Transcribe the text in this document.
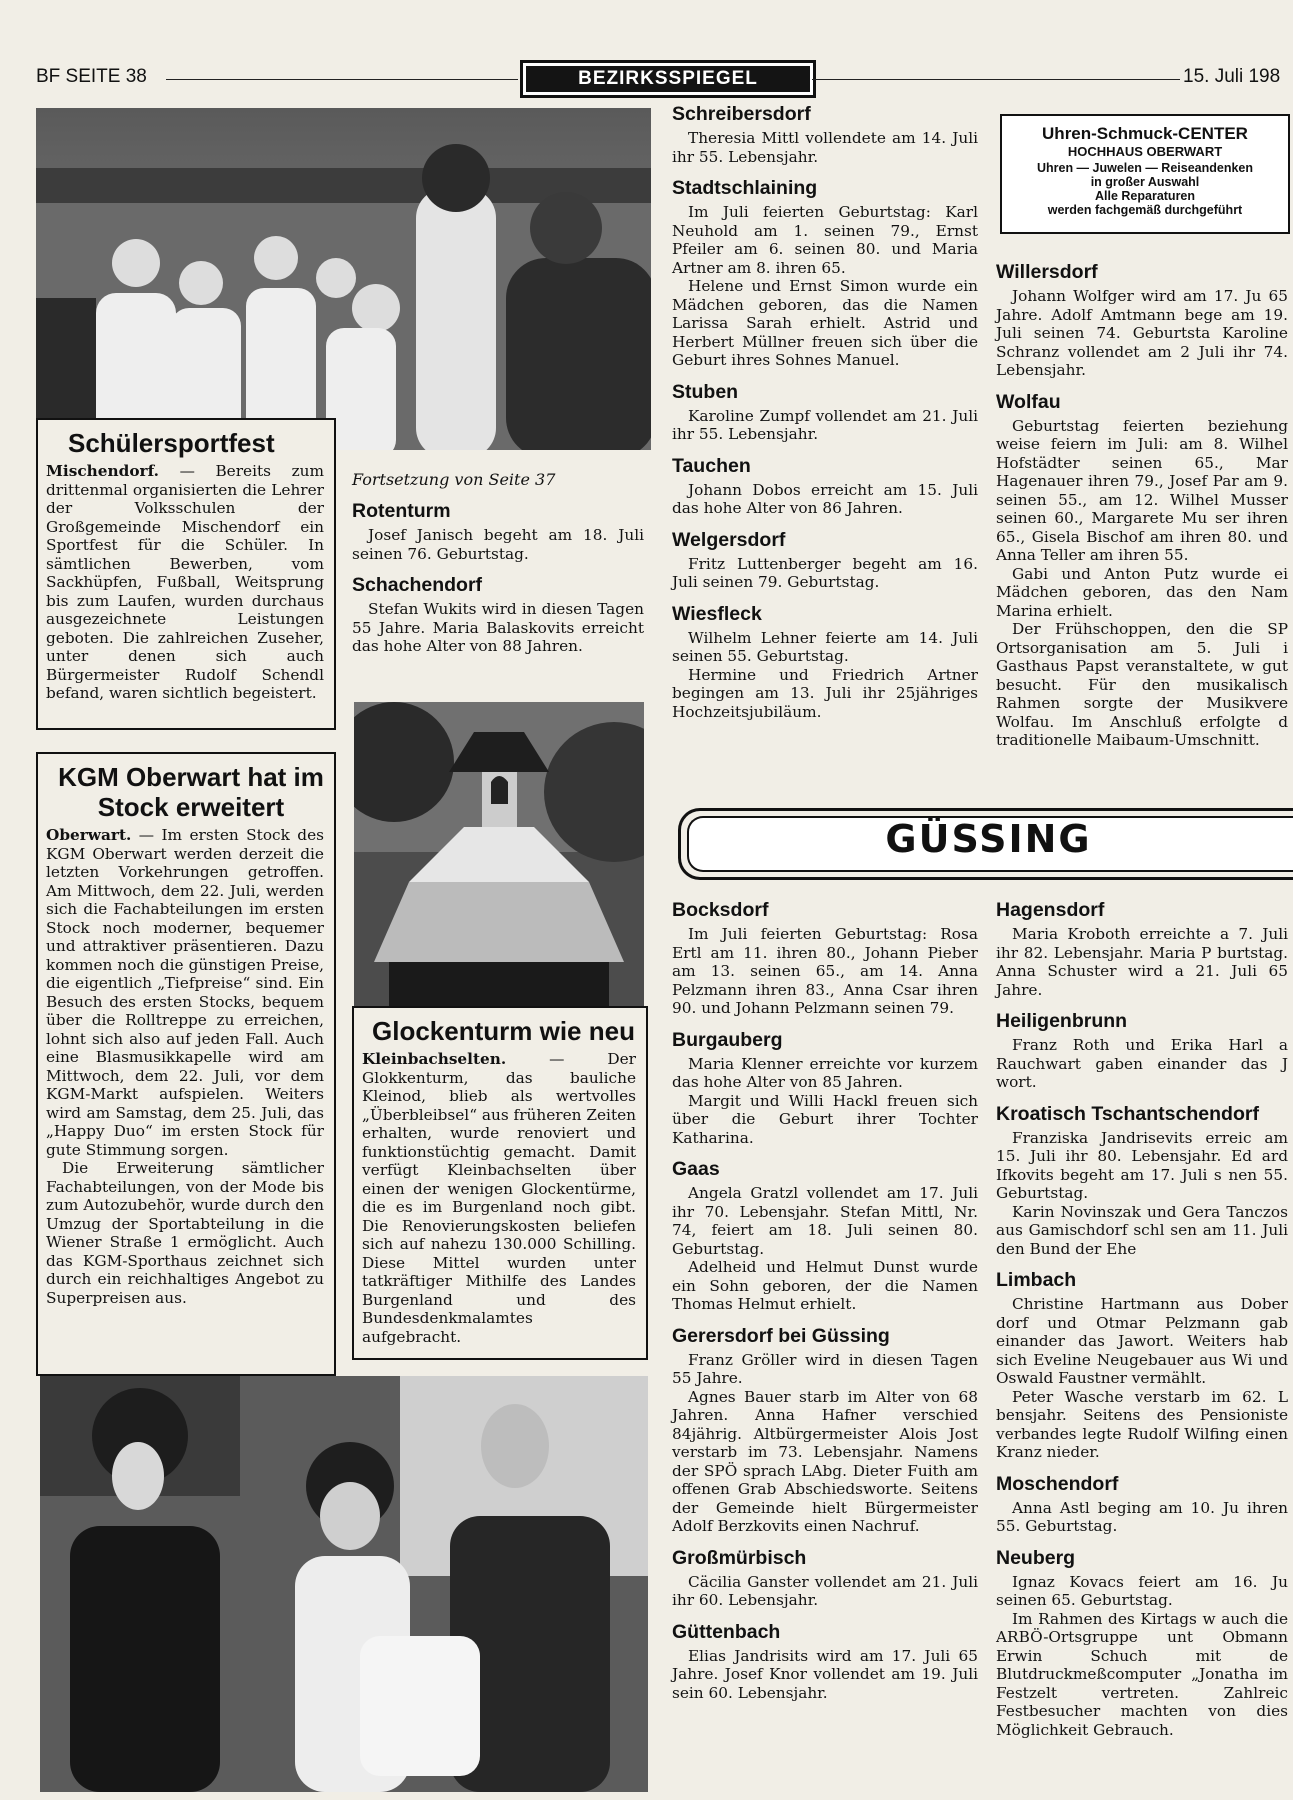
BF SEITE 38	BEZIRKSSPIEGEL	15. Juli 198
Schülersportfest

Mischendorf. — Bereits zum drittenmal organisierten die Lehrer der Volksschulen der Großgemeinde Mischendorf ein Sportfest für die Schüler. In sämtlichen Bewerben, vom Sackhüpfen, Fußball, Weitsprung bis zum Laufen, wurden durchaus ausgezeichnete Leistungen geboten. Die zahlreichen Zuseher, unter denen sich auch Bürgermeister Rudolf Schendl befand, waren sichtlich begeistert.

Fortsetzung von Seite 37
Rotenturm

Josef Janisch begeht am 18. Juli seinen 76. Geburtstag.

Schachendorf

Stefan Wukits wird in diesen Tagen 55 Jahre. Maria Balaskovits erreicht das hohe Alter von 88 Jahren.

KGM Oberwart hat im Stock erweitert

Oberwart. — Im ersten Stock des KGM Oberwart werden derzeit die letzten Vorkehrungen getroffen. Am Mittwoch, dem 22. Juli, werden sich die Fachabteilungen im ersten Stock noch moderner, bequemer und attraktiver präsentieren. Dazu kommen noch die günstigen Preise, die eigentlich „Tiefpreise“ sind. Ein Besuch des ersten Stocks, bequem über die Rolltreppe zu erreichen, lohnt sich also auf jeden Fall. Auch eine Blasmusikkapelle wird am Mittwoch, dem 22. Juli, vor dem KGM-Markt aufspielen. Weiters wird am Samstag, dem 25. Juli, das „Happy Duo“ im ersten Stock für gute Stimmung sorgen.

Die Erweiterung sämtlicher Fachabteilungen, von der Mode bis zum Autozubehör, wurde durch den Umzug der Sportabteilung in die Wiener Straße 1 ermöglicht. Auch das KGM-Sporthaus zeichnet sich durch ein reichhaltiges Angebot zu Superpreisen aus.

Glockenturm wie neu

Kleinbachselten.	— Der Glokkenturm, das bauliche Kleinod, blieb als wertvolles „Überbleibsel“ aus früheren Zeiten erhalten, wurde renoviert und funktionstüchtig gemacht. Damit verfügt Kleinbachselten über einen der wenigen Glockentürme, die es im Burgenland noch gibt. Die Renovierungskosten beliefen sich auf nahezu 130.000 Schilling. Diese Mittel wurden unter tatkräftiger Mithilfe des Landes Burgenland und des Bundesdenkmalamtes aufgebracht.

Schreibersdorf

Theresia Mittl vollendete am 14. Juli ihr 55. Lebensjahr.

Stadtschlaining

Im Juli feierten Geburtstag: Karl Neuhold am 1. seinen 79., Ernst Pfeiler am 6. seinen 80. und Maria Artner am 8. ihren 65.

Helene und Ernst Simon wurde ein Mädchen geboren, das die Namen Larissa Sarah erhielt. Astrid und Herbert Müllner freuen sich über die Geburt ihres Sohnes Manuel.

Stuben

Karoline Zumpf vollendet am 21. Juli ihr 55. Lebensjahr.

Tauchen

Johann Dobos erreicht am 15. Juli das hohe Alter von 86 Jahren.

Welgersdorf

Fritz Luttenberger begeht am 16. Juli seinen 79. Geburtstag.

Wiesfleck

Wilhelm Lehner feierte am 14. Juli seinen 55. Geburtstag.

Hermine und Friedrich Artner begingen am 13. Juli ihr 25jähriges Hochzeitsjubiläum.

Uhren-Schmuck-CENTER
HOCHHAUS OBERWART
Uhren — Juwelen — Reiseandenken
in großer Auswahl
Alle Reparaturen
werden fachgemäß durchgeführt
Willersdorf

Johann Wolfger wird am 17. Ju 65 Jahre. Adolf Amtmann bege am 19. Juli seinen 74. Geburtsta Karoline Schranz vollendet am 2 Juli ihr 74. Lebensjahr.

Wolfau

Geburtstag feierten beziehung weise feiern im Juli: am 8. Wilhel Hofstädter seinen 65., Mar Hagenauer ihren 79., Josef Par am 9. seinen 55., am 12. Wilhel Musser seinen 60., Margarete Mu ser ihren 65., Gisela Bischof am ihren 80. und Anna Teller am ihren 55.

Gabi und Anton Putz wurde ei Mädchen geboren, das den Nam Marina erhielt.

Der Frühschoppen, den die SP Ortsorganisation am 5. Juli i Gasthaus Papst veranstaltete, w gut besucht. Für den musikalisch Rahmen sorgte der Musikvere Wolfau. Im Anschluß erfolgte d traditionelle Maibaum-Umschnitt.

GÜSSING
Bocksdorf

Im Juli feierten Geburtstag: Rosa Ertl am 11. ihren 80., Johann Pieber am 13. seinen 65., am 14. Anna Pelzmann ihren 83., Anna Csar ihren 90. und Johann Pelzmann seinen 79.

Burgauberg

Maria Klenner erreichte vor kurzem das hohe Alter von 85 Jahren.

Margit und Willi Hackl freuen sich über die Geburt ihrer Tochter Katharina.

Gaas

Angela Gratzl vollendet am 17. Juli ihr 70. Lebensjahr. Stefan Mittl, Nr. 74, feiert am 18. Juli seinen 80. Geburtstag.

Adelheid und Helmut Dunst wurde ein Sohn geboren, der die Namen Thomas Helmut erhielt.

Gerersdorf bei Güssing

Franz Gröller wird in diesen Tagen 55 Jahre.

Agnes Bauer starb im Alter von 68 Jahren. Anna Hafner verschied 84jährig. Altbürgermeister Alois Jost verstarb im 73. Lebensjahr. Namens der SPÖ sprach LAbg. Dieter Fuith am offenen Grab Abschiedsworte. Seitens der Gemeinde hielt Bürgermeister Adolf Berzkovits einen Nachruf.

Großmürbisch

Cäcilia Ganster vollendet am 21. Juli ihr 60. Lebensjahr.

Güttenbach

Elias Jandrisits wird am 17. Juli 65 Jahre. Josef Knor vollendet am 19. Juli sein 60. Lebensjahr.

Hagensdorf

Maria Kroboth erreichte a 7. Juli ihr 82. Lebensjahr. Maria P burtstag. Anna Schuster wird a 21. Juli 65 Jahre.

Heiligenbrunn

Franz Roth und Erika Harl a Rauchwart gaben einander das J wort.

Kroatisch Tschantschendorf

Franziska Jandrisevits erreic am 15. Juli ihr 80. Lebensjahr. Ed ard Ifkovits begeht am 17. Juli s nen 55. Geburtstag.

Karin Novinszak und Gera Tanczos aus Gamischdorf schl sen am 11. Juli den Bund der Ehe

Limbach

Christine Hartmann aus Dober dorf und Otmar Pelzmann gab einander das Jawort. Weiters hab sich Eveline Neugebauer aus Wi und Oswald Faustner vermählt.

Peter Wasche verstarb im 62. L bensjahr. Seitens des Pensioniste verbandes legte Rudolf Wilfing einen Kranz nieder.

Moschendorf

Anna Astl beging am 10. Ju ihren 55. Geburtstag.

Neuberg

Ignaz Kovacs feiert am 16. Ju seinen 65. Geburtstag.

Im Rahmen des Kirtags w auch die ARBÖ-Ortsgruppe unt Obmann Erwin Schuch mit de Blutdruckmeßcomputer „Jonatha im Festzelt vertreten. Zahlreic Festbesucher machten von dies Möglichkeit Gebrauch.
